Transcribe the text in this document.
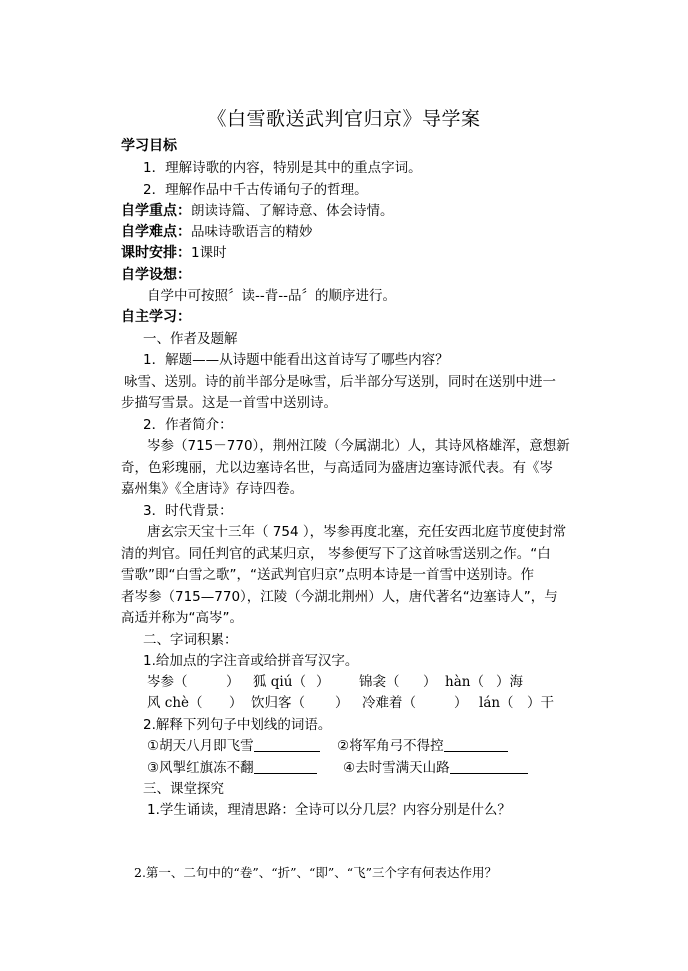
《白雪歌送武判官归京》导学案
学习目标
1．理解诗歌的内容，特别是其中的重点字词。
2．理解作品中千古传诵句子的哲理。
自学重点：朗读诗篇、了解诗意、体会诗情。
自学难点：品味诗歌语言的精妙
课时安排：1课时
自学设想：
自学中可按照〞读--背--品〞的顺序进行。
自主学习：
一、作者及题解
1．解题——从诗题中能看出这首诗写了哪些内容？
咏雪、送别。诗的前半部分是咏雪，后半部分写送别，同时在送别中进一
步描写雪景。这是一首雪中送别诗。
2．作者简介：
岑参（715－770），荆州江陵（今属湖北）人，其诗风格雄浑，意想新
奇，色彩瑰丽，尤以边塞诗名世，与高适同为盛唐边塞诗派代表。有《岑
嘉州集》《全唐诗》存诗四卷。
3．时代背景：
唐玄宗天宝十三年（ 754 ），岑参再度北塞，充任安西北庭节度使封常
清的判官。同任判官的武某归京， 岑参便写下了这首咏雪送别之作。“白
雪歌”即“白雪之歌”，“送武判官归京”点明本诗是一首雪中送别诗。作
者岑参（715—770），江陵（今湖北荆州）人，唐代著名“边塞诗人”，与
高适并称为“高岑”。
二、字词积累：
1.给加点的字注音或给拼音写汉字。
岑参（	） 狐 qiú（ ） 锦衾（ ） hàn（ ）海
风 chè（ ） 饮归客（ ） 冷难着（	） lán（ ）干
2.解释下列句子中划线的词语。
①胡天八月即飞雪	②将军角弓不得控
③风掣红旗冻不翻	④去时雪满天山路
三、课堂探究
1.学生诵读，理清思路：全诗可以分几层？内容分别是什么？
2.第一、二句中的“卷”、“折”、“即”、“飞”三个字有何表达作用？
